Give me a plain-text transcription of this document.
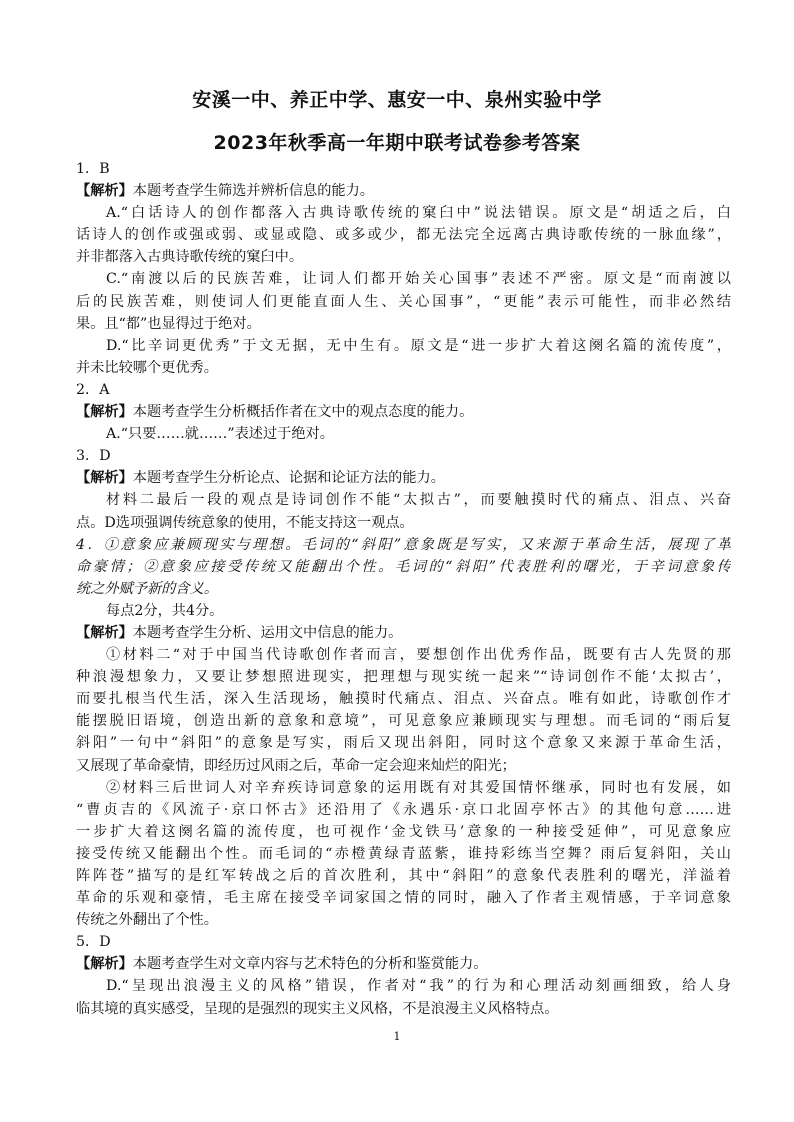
安溪一中、养正中学、惠安一中、泉州实验中学
2023年秋季高一年期中联考试卷参考答案
1．B
【解析】本题考查学生筛选并辨析信息的能力。
A.“白话诗人的创作都落入古典诗歌传统的窠臼中”说法错误。原文是“胡适之后，白
话诗人的创作或强或弱、或显或隐、或多或少，都无法完全远离古典诗歌传统的一脉血缘”，
并非都落入古典诗歌传统的窠臼中。
C.“南渡以后的民族苦难，让词人们都开始关心国事”表述不严密。原文是“而南渡以
后的民族苦难，则使词人们更能直面人生、关心国事”，“更能”表示可能性，而非必然结
果。且“都”也显得过于绝对。
D.“比辛词更优秀”于文无据，无中生有。原文是“进一步扩大着这阕名篇的流传度”，
并未比较哪个更优秀。
2．A
【解析】本题考查学生分析概括作者在文中的观点态度的能力。
A.“只要……就……”表述过于绝对。
3．D
【解析】本题考查学生分析论点、论据和论证方法的能力。
材料二最后一段的观点是诗词创作不能“太拟古”，而要触摸时代的痛点、泪点、兴奋
点。D选项强调传统意象的使用，不能支持这一观点。
4．①意象应兼顾现实与理想。毛词的“斜阳”意象既是写实，又来源于革命生活，展现了革
命豪情；②意象应接受传统又能翻出个性。毛词的“斜阳”代表胜利的曙光，于辛词意象传
统之外赋予新的含义。
每点2分，共4分。
【解析】本题考查学生分析、运用文中信息的能力。
①材料二“对于中国当代诗歌创作者而言，要想创作出优秀作品，既要有古人先贤的那
种浪漫想象力，又要让梦想照进现实，把理想与现实统一起来”“诗词创作不能‘太拟古’，
而要扎根当代生活，深入生活现场，触摸时代痛点、泪点、兴奋点。唯有如此，诗歌创作才
能摆脱旧语境，创造出新的意象和意境”，可见意象应兼顾现实与理想。而毛词的“雨后复
斜阳”一句中“斜阳”的意象是写实，雨后又现出斜阳，同时这个意象又来源于革命生活，
又展现了革命豪情，即经历过风雨之后，革命一定会迎来灿烂的阳光；
②材料三后世词人对辛弃疾诗词意象的运用既有对其爱国情怀继承，同时也有发展，如
“曹贞吉的《风流子·京口怀古》还沿用了《永遇乐·京口北固亭怀古》的其他句意……进
一步扩大着这阕名篇的流传度，也可视作‘金戈铁马’意象的一种接受延伸”，可见意象应
接受传统又能翻出个性。而毛词的“赤橙黄绿青蓝紫，谁持彩练当空舞？雨后复斜阳，关山
阵阵苍”描写的是红军转战之后的首次胜利，其中“斜阳”的意象代表胜利的曙光，洋溢着
革命的乐观和豪情，毛主席在接受辛词家国之情的同时，融入了作者主观情感，于辛词意象
传统之外翻出了个性。
5．D
【解析】本题考查学生对文章内容与艺术特色的分析和鉴赏能力。
D.“呈现出浪漫主义的风格”错误，作者对“我”的行为和心理活动刻画细致，给人身
临其境的真实感受，呈现的是强烈的现实主义风格，不是浪漫主义风格特点。
1
